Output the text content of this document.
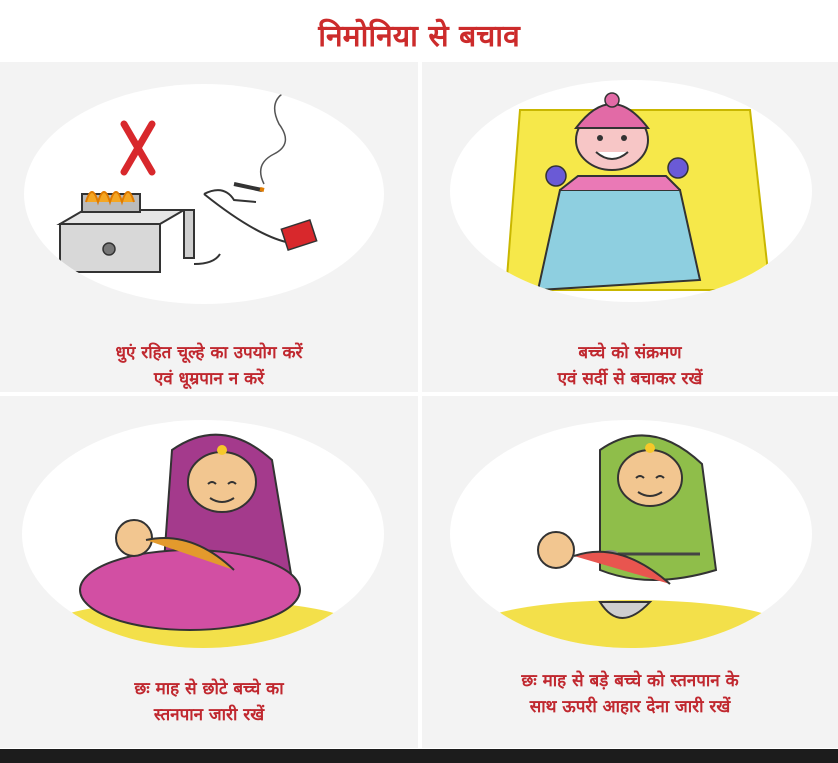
निमोनिया से बचाव
धुएं रहित चूल्हे का उपयोग करें
एवं धूम्रपान न करें
बच्चे को संक्रमण
एवं सर्दी से बचाकर रखें
छः माह से छोटे बच्चे का
स्तनपान जारी रखें
छः माह से बड़े बच्चे को स्तनपान के
साथ ऊपरी आहार देना जारी रखें
